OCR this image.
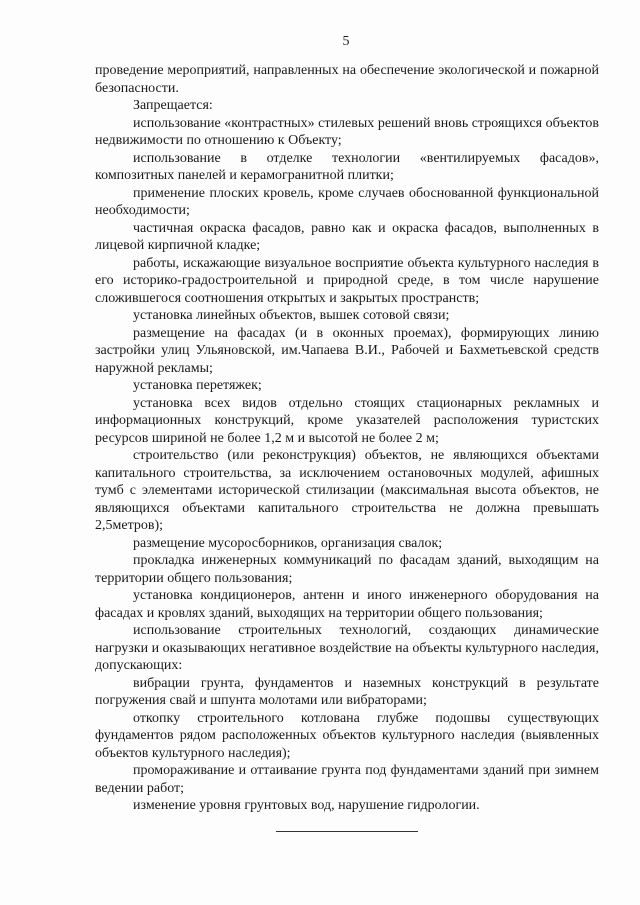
5

проведение мероприятий, направленных на обеспечение экологической и пожарной безопасности.

Запрещается:

использование «контрастных» стилевых решений вновь строящихся объектов недвижимости по отношению к Объекту;

использование в отделке технологии «вентилируемых фасадов», композитных панелей и керамогранитной плитки;

применение плоских кровель, кроме случаев обоснованной функциональной необходимости;

частичная окраска фасадов, равно как и окраска фасадов, выполненных в лицевой кирпичной кладке;

работы, искажающие визуальное восприятие объекта культурного наследия в его историко-градостроительной и природной среде, в том числе нарушение сложившегося соотношения открытых и закрытых пространств;

установка линейных объектов, вышек сотовой связи;

размещение на фасадах (и в оконных проемах), формирующих линию застройки улиц Ульяновской, им.Чапаева В.И., Рабочей и Бахметьевской средств наружной рекламы;

установка перетяжек;

установка всех видов отдельно стоящих стационарных рекламных и информационных конструкций, кроме указателей расположения туристских ресурсов шириной не более 1,2 м и высотой не более 2 м;

строительство (или реконструкция) объектов, не являющихся объектами капитального строительства, за исключением остановочных модулей, афишных тумб с элементами исторической стилизации (максимальная высота объектов, не являющихся объектами капитального строительства не должна превышать 2,5метров);

размещение мусоросборников, организация свалок;

прокладка инженерных коммуникаций по фасадам зданий, выходящим на территории общего пользования;

установка кондиционеров, антенн и иного инженерного оборудования на фасадах и кровлях зданий, выходящих на территории общего пользования;

использование строительных технологий, создающих динамические нагрузки и оказывающих негативное воздействие на объекты культурного наследия, допускающих:

вибрации грунта, фундаментов и наземных конструкций в результате погружения свай и шпунта молотами или вибраторами;

откопку строительного котлована глубже подошвы существующих фундаментов рядом расположенных объектов культурного наследия (выявленных объектов культурного наследия);

промораживание и оттаивание грунта под фундаментами зданий при зимнем ведении работ;

изменение уровня грунтовых вод, нарушение гидрологии.
